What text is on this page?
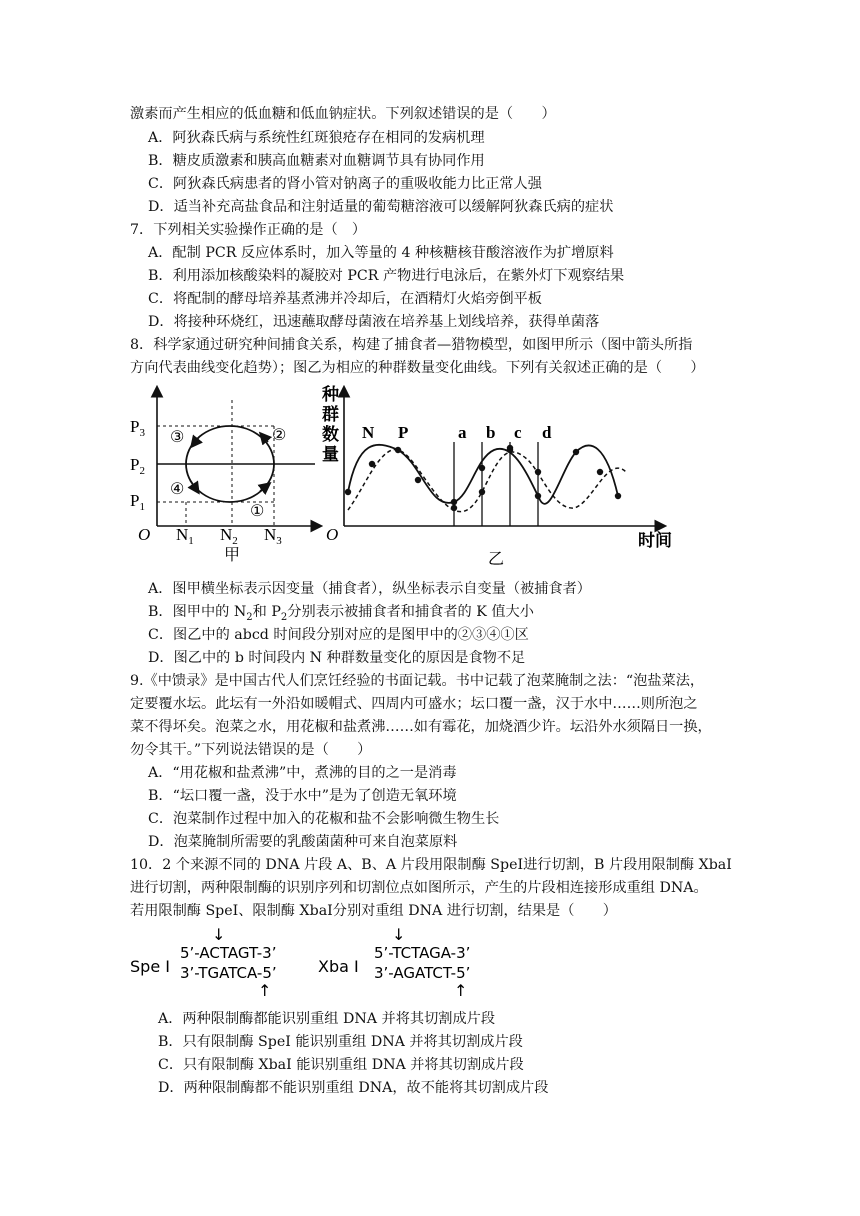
激素而产生相应的低血糖和低血钠症状。下列叙述错误的是（　　）
A．阿狄森氏病与系统性红斑狼疮存在相同的发病机理
B．糖皮质激素和胰高血糖素对血糖调节具有协同作用
C．阿狄森氏病患者的肾小管对钠离子的重吸收能力比正常人强
D．适当补充高盐食品和注射适量的葡萄糖溶液可以缓解阿狄森氏病的症状
7．下列相关实验操作正确的是（　）
A．配制 PCR 反应体系时，加入等量的 4 种核糖核苷酸溶液作为扩增原料
B．利用添加核酸染料的凝胶对 PCR 产物进行电泳后，在紫外灯下观察结果
C．将配制的酵母培养基煮沸并冷却后，在酒精灯火焰旁倒平板
D．将接种环烧红，迅速蘸取酵母菌液在培养基上划线培养，获得单菌落
8．科学家通过研究种间捕食关系，构建了捕食者—猎物模型，如图甲所示（图中箭头所指
方向代表曲线变化趋势）；图乙为相应的种群数量变化曲线。下列有关叙述正确的是（　　）
$P_3$
$P_2$
$P_1$
O $N_1$ $N_2$ $N_3$
①
②
③
④
甲
种
群
数
量
O	时间
乙
a b c d
N P
A．图甲横坐标表示因变量（捕食者），纵坐标表示自变量（被捕食者）
B．图甲中的 $N_2$和 $P_2$分别表示被捕食者和捕食者的 K 值大小
C．图乙中的 abcd 时间段分别对应的是图甲中的②③④①区
D．图乙中的 b 时间段内 N 种群数量变化的原因是食物不足
9.《中馈录》是中国古代人们烹饪经验的书面记载。书中记载了泡菜腌制之法：“泡盐菜法，
定要覆水坛。此坛有一外沿如暖帽式、四周内可盛水；坛口覆一盏，汉于水中……则所泡之
菜不得坏矣。泡菜之水，用花椒和盐煮沸……如有霉花，加烧酒少许。坛沿外水须隔日一换，
勿令其干。”下列说法错误的是（　　）
A．“用花椒和盐煮沸”中，煮沸的目的之一是消毒
B．“坛口覆一盏，没于水中”是为了创造无氧环境
C．泡菜制作过程中加入的花椒和盐不会影响微生物生长
D．泡菜腌制所需要的乳酸菌菌种可来自泡菜原料
10．2 个来源不同的 DNA 片段 A、B、A 片段用限制酶 SpeI进行切割，B 片段用限制酶 XbaI
进行切割，两种限制酶的识别序列和切割位点如图所示，产生的片段相连接形成重组 DNA。
若用限制酶 SpeI、限制酶 XbaI分别对重组 DNA 进行切割，结果是（　　）
↓
Spe I
5’-ACTAGT-3’
3’-TGATCA-5’
↑
↓
Xba I
5’-TCTAGA-3’
3’-AGATCT-5’
↑
A．两种限制酶都能识别重组 DNA 并将其切割成片段
B．只有限制酶 SpeI 能识别重组 DNA 并将其切割成片段
C．只有限制酶 XbaI 能识别重组 DNA 并将其切割成片段
D．两种限制酶都不能识别重组 DNA，故不能将其切割成片段
